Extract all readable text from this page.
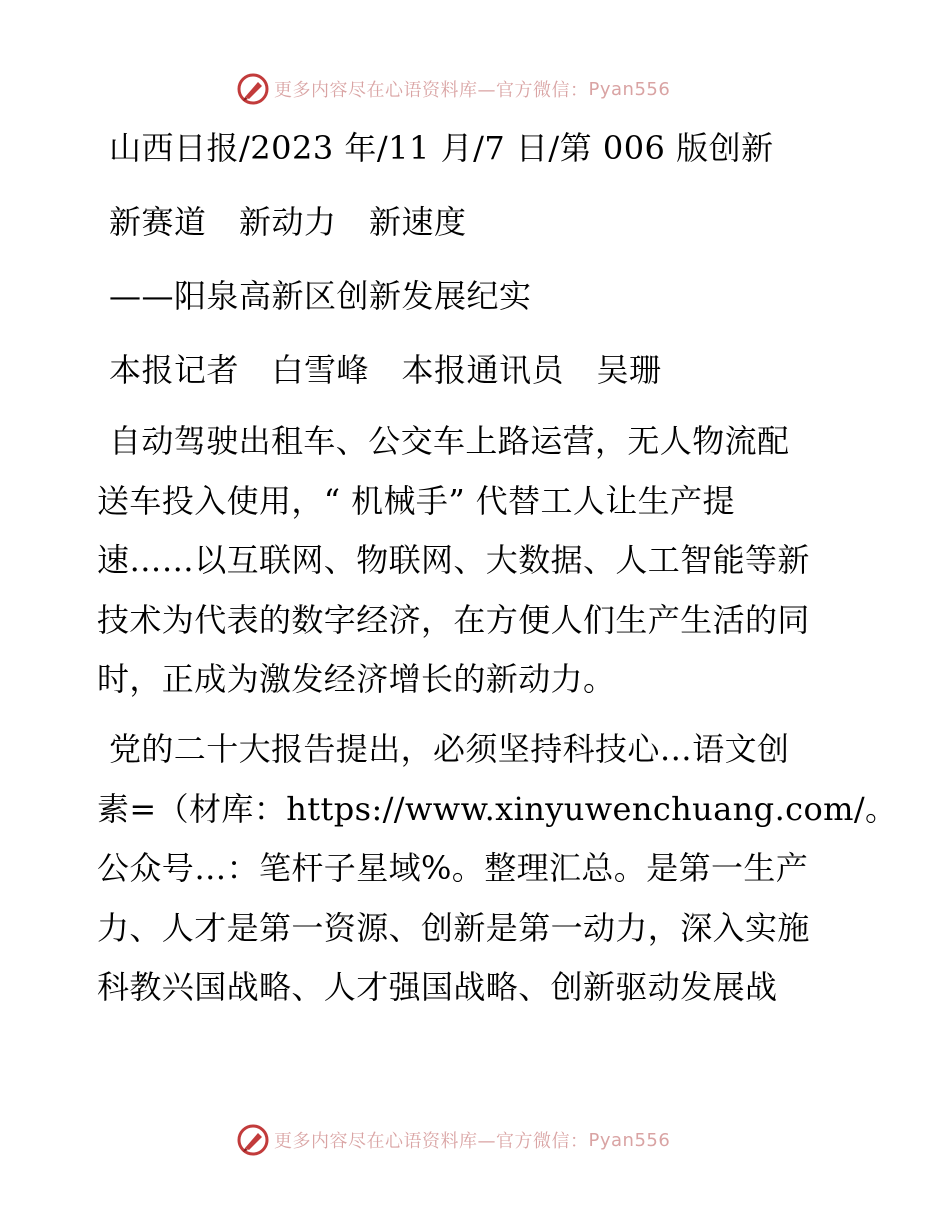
更多内容尽在心语资料库—官方微信： Pyan556
山西日报/2023 年/11 月/7 日/第 006 版创新
新赛道　新动力　新速度
——阳泉高新区创新发展纪实
本报记者　白雪峰　本报通讯员　吴珊
自动驾驶出租车、公交车上路运营，无人物流配
送车投入使用，“ 机械手” 代替工人让生产提
速……以互联网、物联网、大数据、人工智能等新
技术为代表的数字经济，在方便人们生产生活的同
时，正成为激发经济增长的新动力。
党的二十大报告提出，必须坚持科技心…语文创
素=（材库：https://www.xinyuwenchuang.com/。
公众号…：笔杆子星域%。整理汇总。是第一生产
力、人才是第一资源、创新是第一动力，深入实施
科教兴国战略、人才强国战略、创新驱动发展战
更多内容尽在心语资料库—官方微信： Pyan556
